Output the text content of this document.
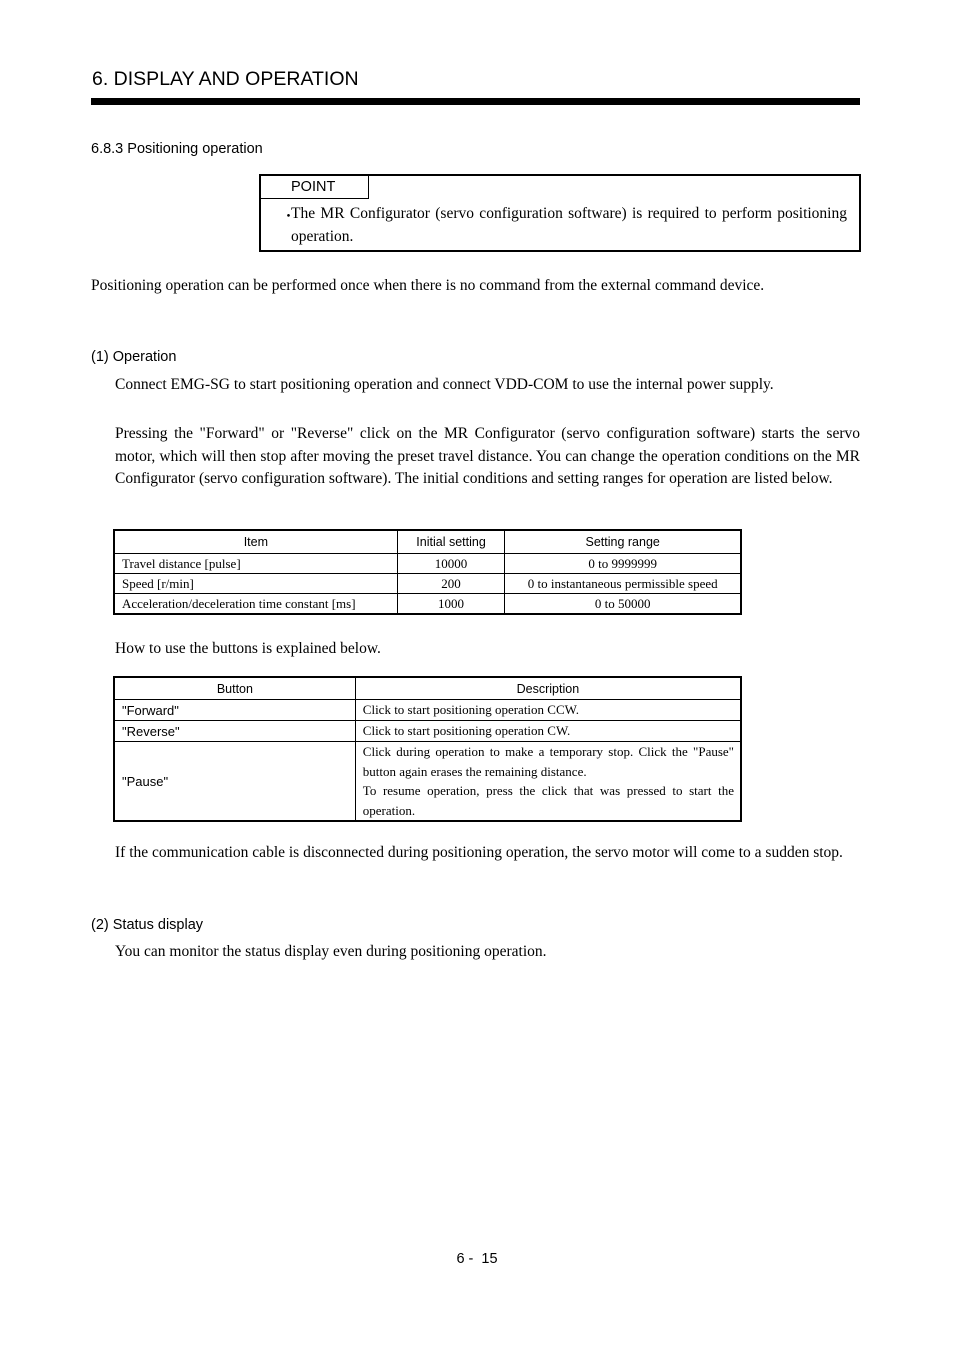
6. DISPLAY AND OPERATION
6.8.3 Positioning operation
POINT
・
The MR Configurator (servo configuration software) is required to perform positioning operation.
Positioning operation can be performed once when there is no command from the external command device.
(1) Operation
Connect EMG-SG to start positioning operation and connect VDD-COM to use the internal power supply.
Pressing the "Forward" or "Reverse" click on the MR Configurator (servo configuration software) starts the servo motor, which will then stop after moving the preset travel distance. You can change the operation conditions on the MR Configurator (servo configuration software). The initial conditions and setting ranges for operation are listed below.
Item	Initial setting	Setting range
Travel distance [pulse]	10000	0 to 9999999
Speed [r/min]	200	0 to instantaneous permissible speed
Acceleration/deceleration time constant [ms]	1000	0 to 50000
How to use the buttons is explained below.
Button	Description
"Forward"	Click to start positioning operation CCW.
"Reverse"	Click to start positioning operation CW.
"Pause"	Click during operation to make a temporary stop. Click the "Pause" button again erases the remaining distance.
To resume operation, press the click that was pressed to start the operation.
If the communication cable is disconnected during positioning operation, the servo motor will come to a sudden stop.
(2) Status display
You can monitor the status display even during positioning operation.
6 -  15
